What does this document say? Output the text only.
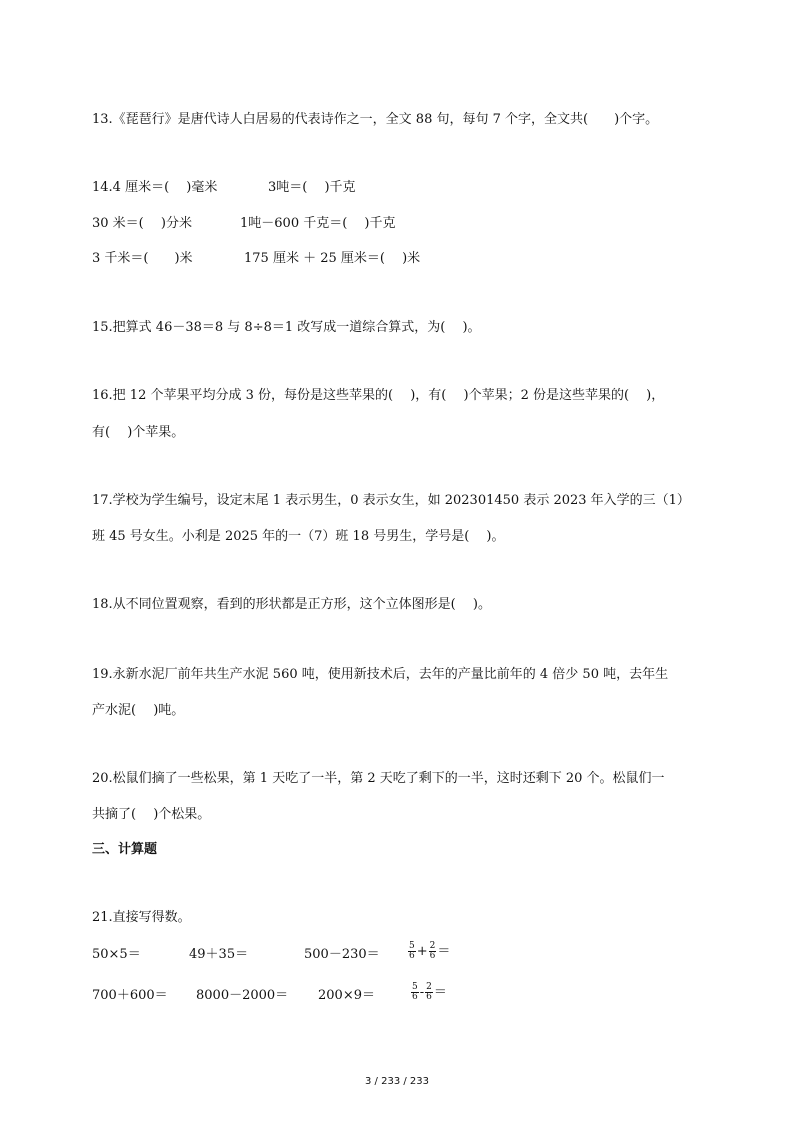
13.《琵琶行》是唐代诗人白居易的代表诗作之一，全文 88 句，每句 7 个字，全文共(　　)个字。
14.4 厘米＝(　 )毫米	3吨＝(　 )千克
30 米＝(　 )分米	1吨－600 千克＝(　 )千克
3 千米＝(　　)米	175 厘米 ＋ 25 厘米＝(　 )米
15.把算式 46－38＝8 与 8÷8＝1 改写成一道综合算式，为(　 )。
16.把 12 个苹果平均分成 3 份，每份是这些苹果的(　 )，有(　 )个苹果；2 份是这些苹果的(　 )，
有(　 )个苹果。
17.学校为学生编号，设定末尾 1 表示男生，0 表示女生，如 202301450 表示 2023 年入学的三（1）
班 45 号女生。小利是 2025 年的一（7）班 18 号男生，学号是(　 )。
18.从不同位置观察，看到的形状都是正方形，这个立体图形是(　 )。
19.永新水泥厂前年共生产水泥 560 吨，使用新技术后，去年的产量比前年的 4 倍少 50 吨，去年生
产水泥(　 )吨。
20.松鼠们摘了一些松果，第 1 天吃了一半，第 2 天吃了剩下的一半，这时还剩下 20 个。松鼠们一
共摘了(　 )个松果。
三、计算题
21.直接写得数。
50×5＝	49＋35＝	500－230＝	$\frac{5}{6} + \frac{2}{6}$ ＝
700＋600＝ 8000－2000＝ 200×9＝	$\frac{5}{6} - \frac{2}{6}$ ＝
3 / 233 / 233
